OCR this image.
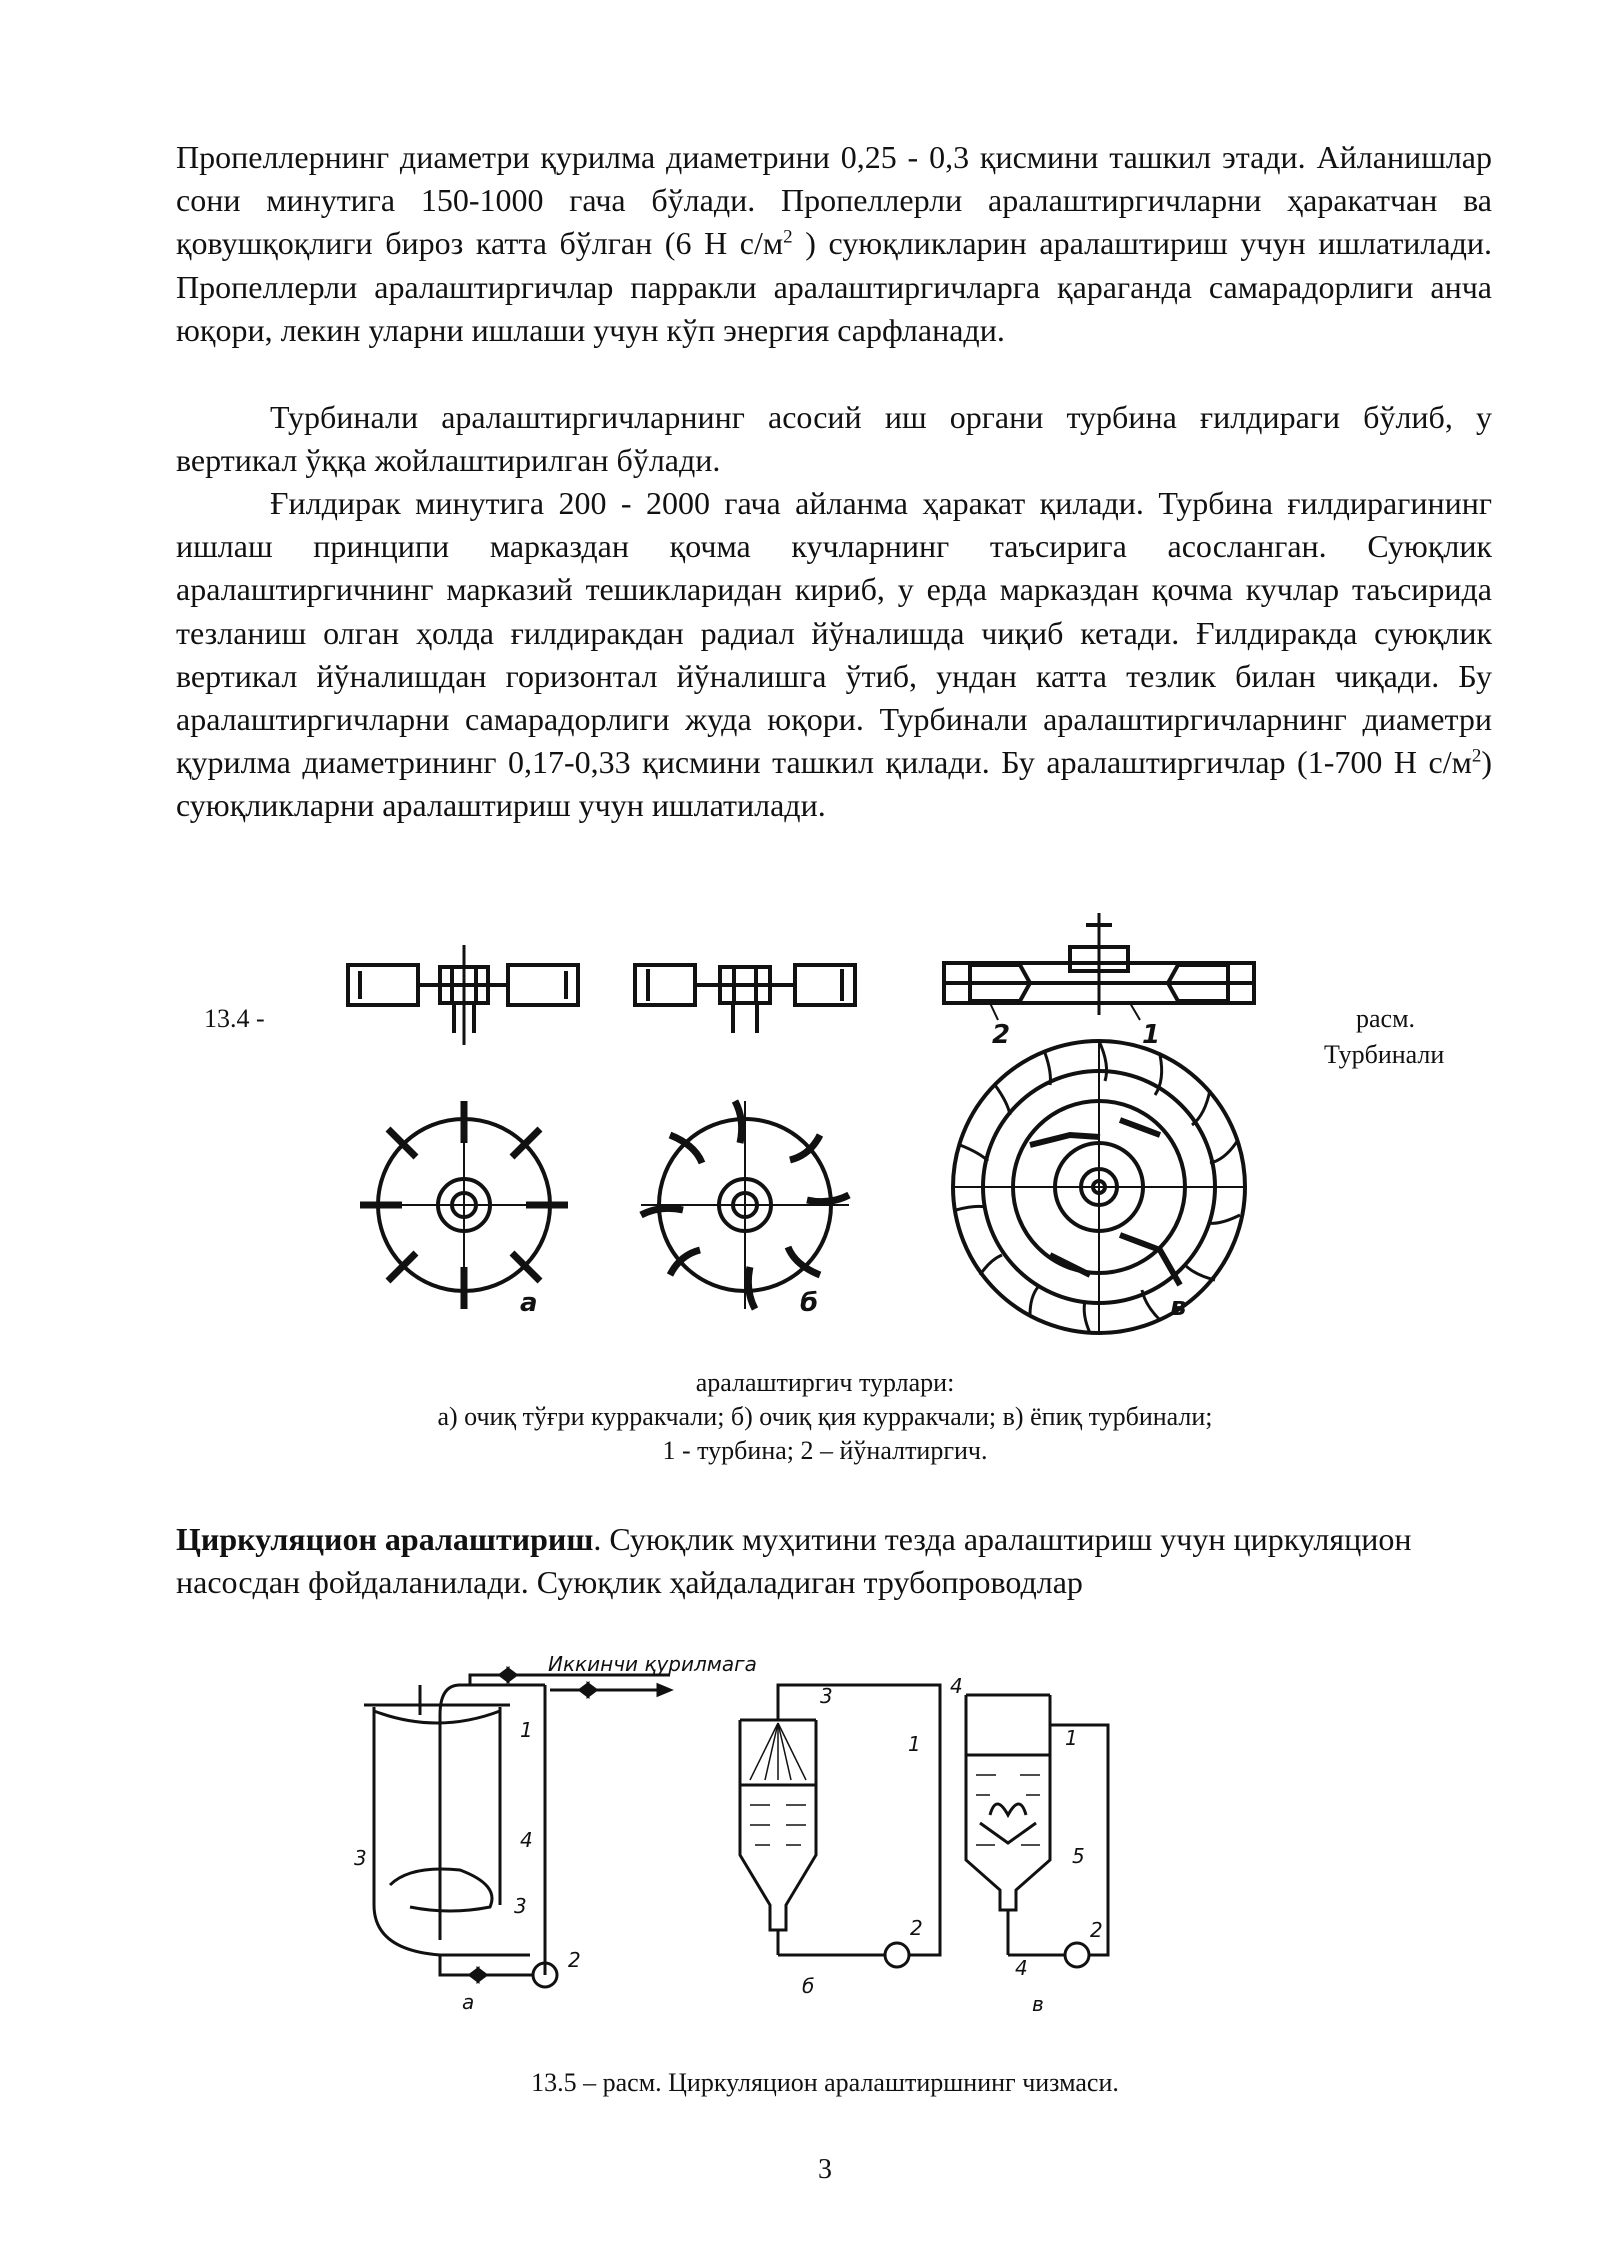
Пропеллернинг диаметри қурилма диаметрини 0,25 - 0,3 қисмини ташкил этади. Айланишлар сони минутига 150-1000 гача бўлади. Пропеллерли аралаштиргичларни ҳаракатчан ва қовушқоқлиги бироз катта бўлган (6 Н $с/м^2$ ) суюқликларин аралаштириш учун ишлатилади. Пропеллерли аралаштиргичлар парракли аралаштиргичларга қараганда самарадорлиги анча юқори, лекин уларни ишлаши учун кўп энергия сарфланади.

Турбинали аралаштиргичларнинг асосий иш органи турбина ғилдираги бўлиб, у вертикал ўққа жойлаштирилган бўлади.

Ғилдирак минутига 200 - 2000 гача айланма ҳаракат қилади. Турбина ғилдирагининг ишлаш принципи марказдан қочма кучларнинг таъсирига асосланган. Суюқлик аралаштиргичнинг марказий тешикларидан кириб, у ерда марказдан қочма кучлар таъсирида тезланиш олган ҳолда ғилдиракдан радиал йўналишда чиқиб кетади. Ғилдиракда суюқлик вертикал йўналишдан горизонтал йўналишга ўтиб, ундан катта тезлик билан чиқади. Бу аралаштиргичларни самарадорлиги жуда юқори. Турбинали аралаштиргичларнинг диаметри қурилма диаметрининг 0,17-0,33 қисмини ташкил қилади. Бу аралаштиргичлар (1-700 Н $с/м^2$) суюқликларни аралаштириш учун ишлатилади.

13.4 -	расм.
Турбинали
а	б	в
2	1
аралаштиргич турлари:
а) очиқ тўғри курракчали; б) очиқ қия курракчали; в) ёпиқ турбинали;
1 - турбина; 2 – йўналтиргич.

Циркуляцион аралаштириш. Суюқлик муҳитини тезда аралаштириш учун циркуляцион насосдан фойдаланилади. Суюқлик ҳайдаладиган трубопроводлар

Иккинчи қурилмага
1
4
3
3
2
а
3
1
2
4
б
1
5
2
4
в
13.5 – расм. Циркуляцион аралаштиршнинг чизмаси.
3
